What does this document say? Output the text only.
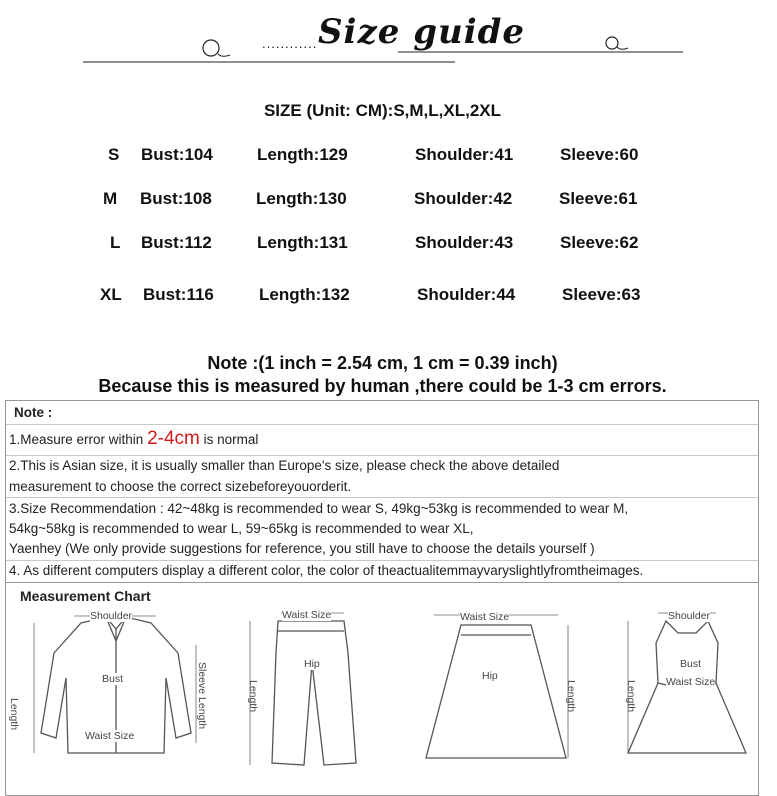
............ Size guide
SIZE (Unit: CM):S,M,L,XL,2XL
S Bust:104	Length:129	Shoulder:41	Sleeve:60
M Bust:108	Length:130	Shoulder:42	Sleeve:61
L Bust:112	Length:131	Shoulder:43	Sleeve:62
XL Bust:116	Length:132	Shoulder:44	Sleeve:63
Note :(1 inch = 2.54 cm, 1 cm = 0.39 inch)
Because this is measured by human ,there could be 1-3 cm errors.
Note :
1.Measure error within 2-4cm is normal
2.This is Asian size, it is usually smaller than Europe's size, please check the above detailed
measurement to choose the correct sizebeforeyouorderit.
3.Size Recommendation : 42~48kg is recommended to wear S, 49kg~53kg is recommended to wear M,
54kg~58kg is recommended to wear L, 59~65kg is recommended to wear XL,
Yaenhey (We only provide suggestions for reference, you still have to choose the details yourself )
4. As different computers display a different color, the color of theactualitemmayvaryslightlyfromtheimages.
Measurement Chart
Shoulder
Bust
Waist Size
Length	Sleeve Length
Waist Size
Hip
Length
Waist Size
Hip
Length
Shoulder
Bust
Waist Size
Length
